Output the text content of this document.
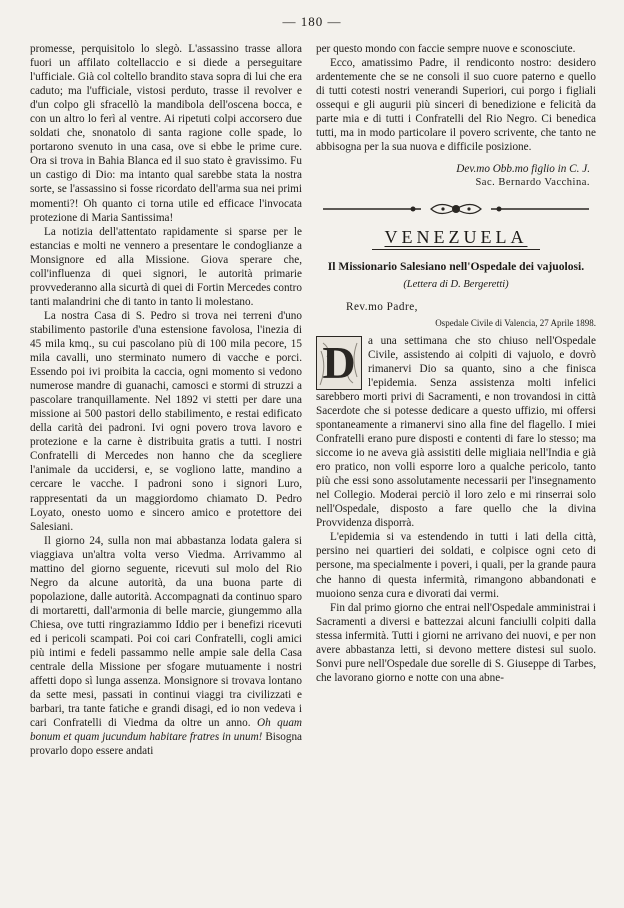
— 180 —

promesse, perquisitolo lo slegò. L'assassino trasse allora fuori un affilato coltellaccio e si diede a perseguitare l'ufficiale. Già col coltello brandito stava sopra di lui che era caduto; ma l'ufficiale, vistosi perduto, trasse il revolver e d'un colpo gli sfracellò la mandibola dell'oscena bocca, e con un altro lo ferì al ventre. Ai ripetuti colpi accorsero due soldati che, snonatolo di santa ragione colle spade, lo portarono svenuto in una casa, ove si ebbe le prime cure. Ora si trova in Bahia Blanca ed il suo stato è gravissimo. Fu un castigo di Dio: ma intanto qual sarebbe stata la nostra sorte, se l'assassino si fosse ricordato dell'arma sua nei primi momenti?! Oh quanto ci torna utile ed efficace l'invocata protezione di Maria Santissima!

La notizia dell'attentato rapidamente si sparse per le estancias e molti ne vennero a presentare le condoglianze a Monsignore ed alla Missione. Giova sperare che, coll'influenza di quei signori, le autorità primarie provvederanno alla sicurtà di quei di Fortin Mercedes contro tanti malandrini che di tanto in tanto li molestano.

La nostra Casa di S. Pedro si trova nei terreni d'uno stabilimento pastorile d'una estensione favolosa, l'inezia di 45 mila kmq., su cui pascolano più di 100 mila pecore, 15 mila cavalli, uno sterminato numero di vacche e porci. Essendo poi ivi proibita la caccia, ogni momento si vedono numerose mandre di guanachi, camosci e stormi di struzzi a pascolare tranquillamente. Nel 1892 vi stetti per dare una missione ai 500 pastori dello stabilimento, e restai edificato della carità dei padroni. Ivi ogni povero trova lavoro e protezione e la carne è distribuita gratis a tutti. I nostri Confratelli di Mercedes non hanno che da scegliere l'animale da uccidersi, e, se vogliono latte, mandino a cercare le vacche. I padroni sono i signori Luro, rappresentati da un maggiordomo chiamato D. Pedro Loyato, onesto uomo e sincero amico e protettore dei Salesiani.

Il giorno 24, sulla non mai abbastanza lodata galera si viaggiava un'altra volta verso Viedma. Arrivammo al mattino del giorno seguente, ricevuti sul molo del Rio Negro da alcune autorità, da una buona parte di popolazione, dalle autorità. Accompagnati da continuo sparo di mortaretti, dall'armonia di belle marcie, giungemmo alla Chiesa, ove tutti ringraziammo Iddio per i benefizi ricevuti ed i pericoli scampati. Poi coi cari Confratelli, cogli amici più intimi e fedeli passammo nelle ampie sale della Casa centrale della Missione per sfogare mutuamente i nostri affetti dopo sì lunga assenza. Monsignore si trovava lontano da sette mesi, passati in continui viaggi tra civilizzati e barbari, tra tante fatiche e grandi disagi, ed io non vedeva i cari Confratelli di Viedma da oltre un anno. Oh quam bonum et quam jucundum habitare fratres in unum! Bisogna provarlo dopo essere andati

per questo mondo con faccie sempre nuove e sconosciute.

Ecco, amatissimo Padre, il rendiconto nostro: desidero ardentemente che se ne consoli il suo cuore paterno e quello di tutti cotesti nostri venerandi Superiori, cui porgo i figliali ossequi e gli augurii più sinceri di benedizione e felicità da parte mia e di tutti i Confratelli del Rio Negro. Ci benedica tutti, ma in modo particolare il povero scrivente, che tanto ne abbisogna per la sua nuova e difficile posizione.

Dev.mo Obb.mo figlio in C. J.
Sac. Bernardo Vacchina.
VENEZUELA
Il Missionario Salesiano nell'Ospedale dei vajuolosi.
(Lettera di D. Bergeretti)
Rev.mo Padre,
Ospedale Civile di Valencia, 27 Aprile 1898.
D	a una settimana che sto chiuso nell'Ospedale Civile, assistendo ai colpiti di vajuolo, e dovrò rimanervi Dio sa quanto, sino a che finisca l'epidemia. Senza assistenza molti infelici sarebbero morti privi di Sacramenti, e non trovandosi in città Sacerdote che si potesse dedicare a questo uffizio, mi offersi spontaneamente a rimanervi sino alla fine del flagello. I miei Confratelli erano pure disposti e contenti di fare lo stesso; ma siccome io ne aveva già assistiti delle migliaia nell'India e già ero pratico, non volli esporre loro a qualche pericolo, tanto più che essi sono assolutamente necessarii per l'insegnamento nel Collegio. Moderai perciò il loro zelo e mi rinserrai solo nell'Ospedale, disposto a fare quello che la divina Provvidenza disporrà.

L'epidemia si va estendendo in tutti i lati della città, persino nei quartieri dei soldati, e colpisce ogni ceto di persone, ma specialmente i poveri, i quali, per la grande paura che hanno di questa infermità, rimangono abbandonati e muoiono senza cura e divorati dai vermi.

Fin dal primo giorno che entrai nell'Ospedale amministrai i Sacramenti a diversi e battezzai alcuni fanciulli colpiti dalla stessa infermità. Tutti i giorni ne arrivano dei nuovi, e per non avere abbastanza letti, si devono mettere distesi sul suolo. Sonvi pure nell'Ospedale due sorelle di S. Giuseppe di Tarbes, che lavorano giorno e notte con una abne-
